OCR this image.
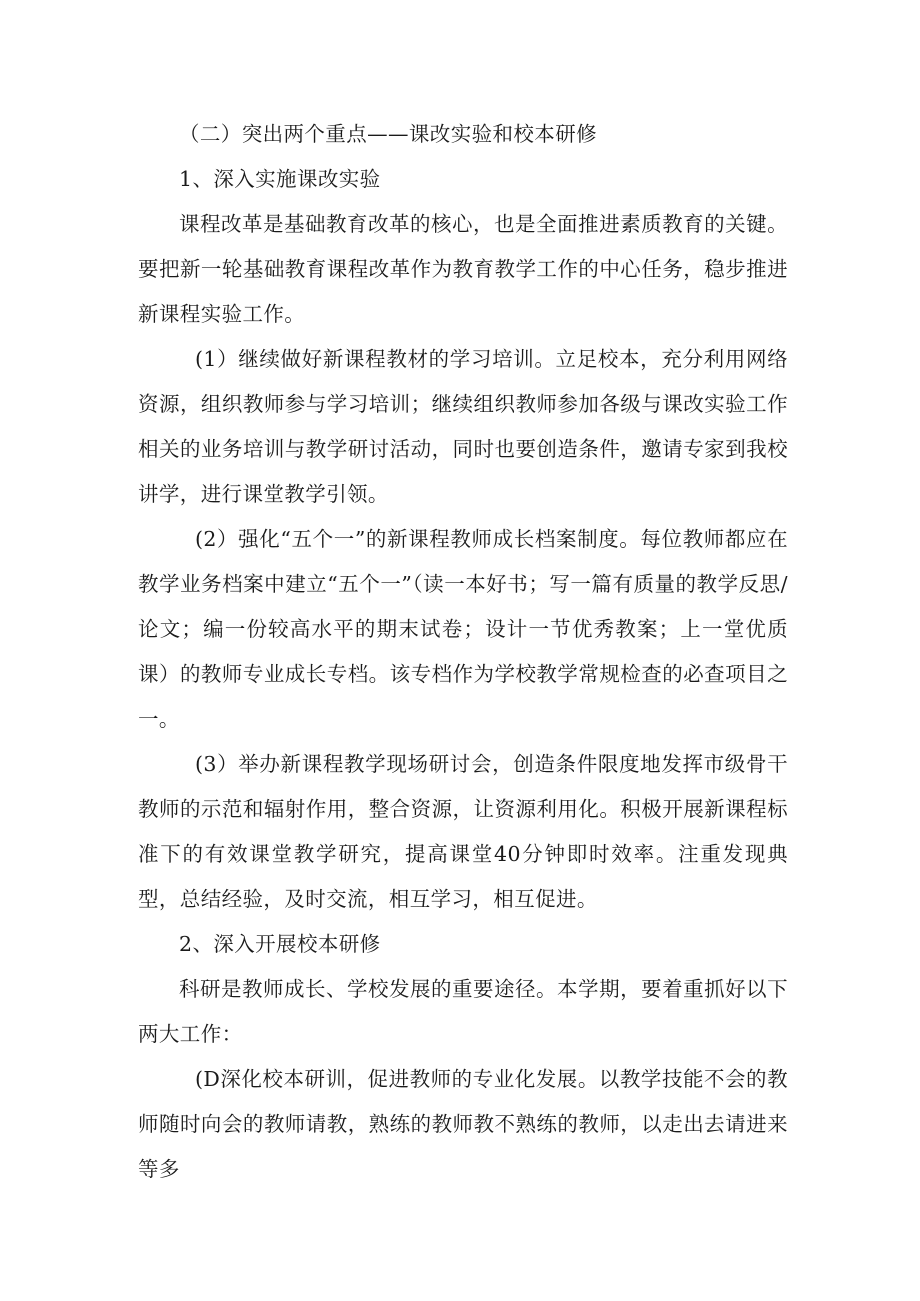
（二）突出两个重点——课改实验和校本研修

1、深入实施课改实验

课程改革是基础教育改革的核心，也是全面推进素质教育的关键。要把新一轮基础教育课程改革作为教育教学工作的中心任务，稳步推进新课程实验工作。

(1）继续做好新课程教材的学习培训。立足校本，充分利用网络资源，组织教师参与学习培训；继续组织教师参加各级与课改实验工作相关的业务培训与教学研讨活动，同时也要创造条件，邀请专家到我校讲学，进行课堂教学引领。

(2）强化“五个一”的新课程教师成长档案制度。每位教师都应在教学业务档案中建立“五个一”（读一本好书；写一篇有质量的教学反思/论文；编一份较高水平的期末试卷；设计一节优秀教案；上一堂优质课）的教师专业成长专档。该专档作为学校教学常规检查的必查项目之一。

(3）举办新课程教学现场研讨会，创造条件限度地发挥市级骨干教师的示范和辐射作用，整合资源，让资源利用化。积极开展新课程标准下的有效课堂教学研究，提高课堂40分钟即时效率。注重发现典型，总结经验，及时交流，相互学习，相互促进。

2、深入开展校本研修

科研是教师成长、学校发展的重要途径。本学期，要着重抓好以下两大工作：

(D深化校本研训，促进教师的专业化发展。以教学技能不会的教师随时向会的教师请教，熟练的教师教不熟练的教师，以走出去请进来等多
